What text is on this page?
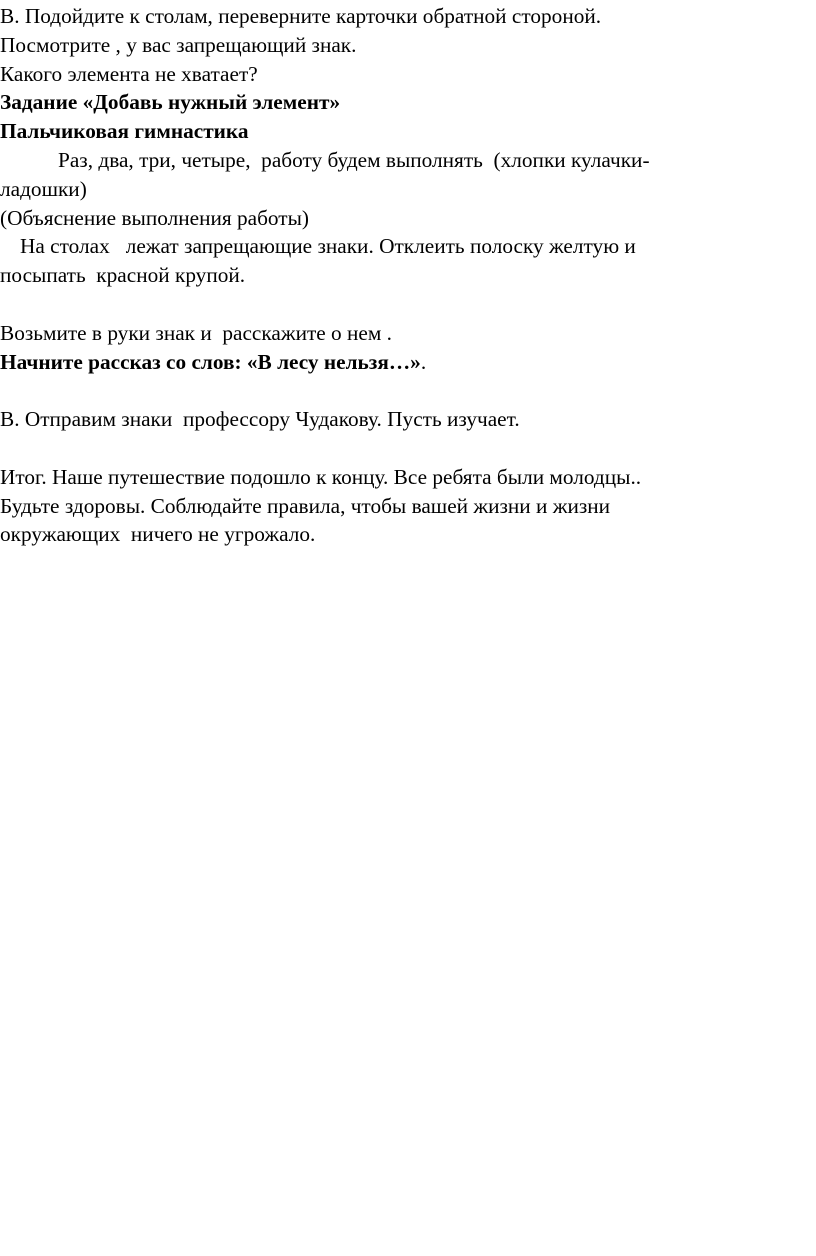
В. Подойдите к столам, переверните карточки обратной стороной.
Посмотрите , у вас запрещающий знак.
Какого элемента не хватает?
Задание «Добавь нужный элемент»
Пальчиковая гимнастика
Раз, два, три, четыре,  работу будем выполнять  (хлопки кулачки-
ладошки)
(Объяснение выполнения работы)
На столах   лежат запрещающие знаки. Отклеить полоску желтую и
посыпать  красной крупой.
Возьмите в руки знак и  расскажите о нем .
Начните рассказ со слов: «В лесу нельзя…».
В. Отправим знаки  профессору Чудакову. Пусть изучает.
Итог. Наше путешествие подошло к концу. Все ребята были молодцы..
Будьте здоровы. Соблюдайте правила, чтобы вашей жизни и жизни
окружающих  ничего не угрожало.
